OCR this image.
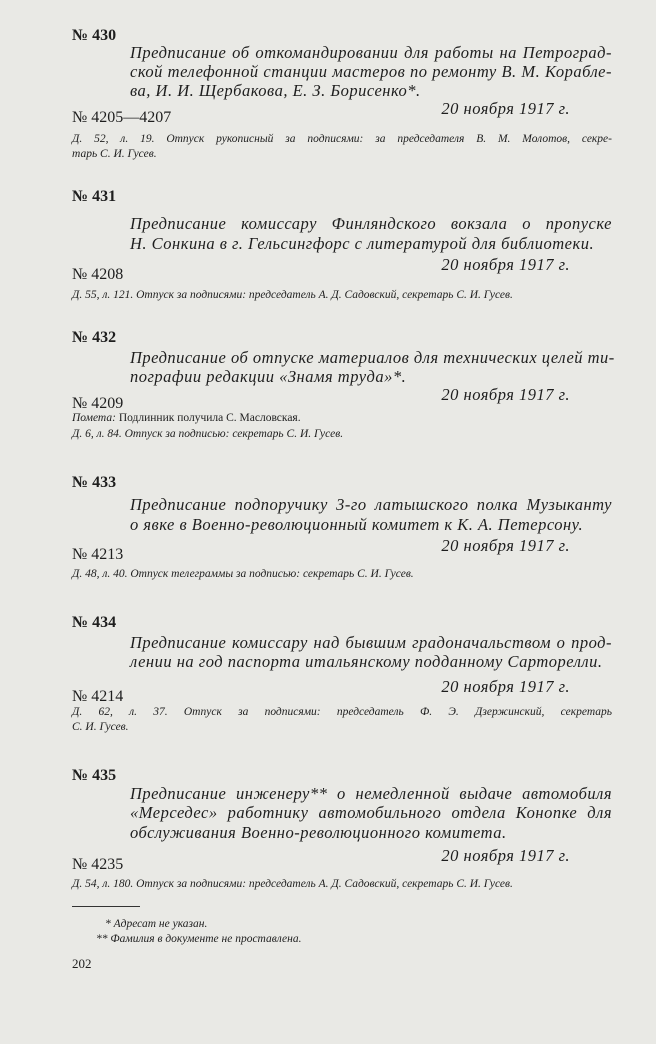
№ 430
Предписание об откомандировании для работы на Петроград-
ской телефонной станции мастеров по ремонту В. М. Кораблe-
ва, И. И. Щербакова, Е. З. Борисенко*.
20 ноября 1917 г.
№ 4205—4207
Д. 52, л. 19. Отпуск рукописный за подписями: за председателя В. М. Молотов, секре-
тарь С. И. Гусев.
№ 431
Предписание комиссару Финляндского вокзала о пропуске
Н. Сонкина в г. Гельсингфорс с литературой для библиотеки.
20 ноября 1917 г.
№ 4208
Д. 55, л. 121. Отпуск за подписями: председатель А. Д. Садовский, секретарь С. И. Гусев.
№ 432
Предписание об отпуске материалов для технических целей ти-
пографии редакции «Знамя труда»*.
20 ноября 1917 г.
№ 4209
Помета: Подлинник получила С. Масловская.
Д. 6, л. 84. Отпуск за подписью: секретарь С. И. Гусев.
№ 433
Предписание подпоручику 3-го латышского полка Музыканту
о явке в Военно-революционный комитет к К. А. Петерсону.
20 ноября 1917 г.
№ 4213
Д. 48, л. 40. Отпуск телеграммы за подписью: секретарь С. И. Гусев.
№ 434
Предписание комиссару над бывшим градоначальством о прод-
лении на год паспорта итальянскому подданному Сарторелли.
20 ноября 1917 г.
№ 4214
Д. 62, л. 37. Отпуск за подписями: председатель Ф. Э. Дзержинский, секретарь
С. И. Гусев.
№ 435
Предписание инженеру** о немедленной выдаче автомобиля
«Мерседес» работнику автомобильного отдела Конопке для
обслуживания Военно-революционного комитета.
20 ноября 1917 г.
№ 4235
Д. 54, л. 180. Отпуск за подписями: председатель А. Д. Садовский, секретарь С. И. Гусев.
* Адресат не указан.
** Фамилия в документе не проставлена.
202
